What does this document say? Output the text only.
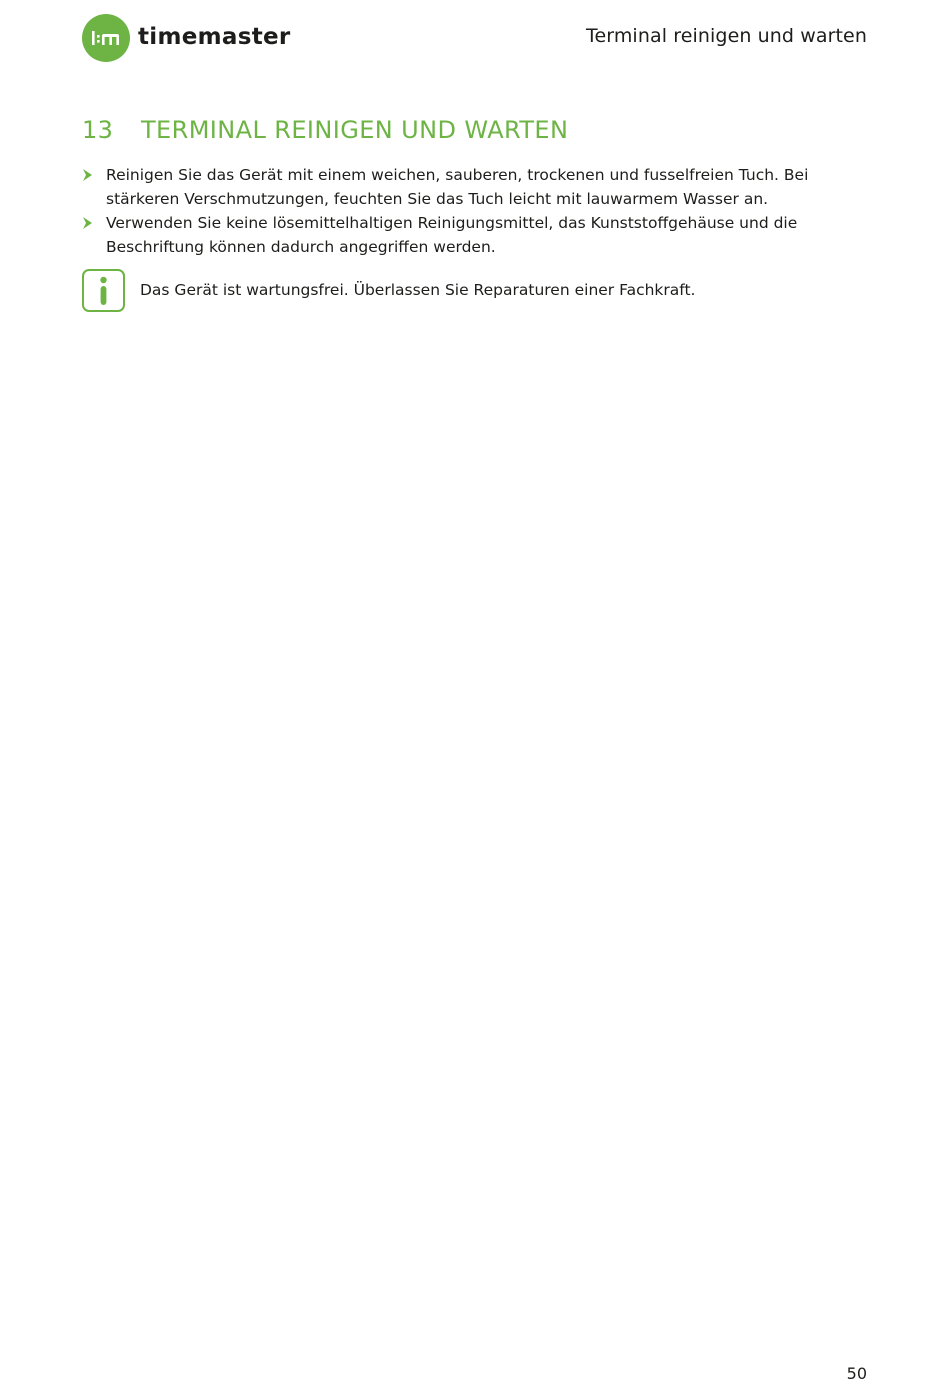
timemaster	Terminal reinigen und warten
13	TERMINAL REINIGEN UND WARTEN
Reinigen Sie das Gerät mit einem weichen, sauberen, trockenen und fusselfreien Tuch. Bei stärkeren Verschmutzungen, feuchten Sie das Tuch leicht mit lauwarmem Wasser an.
Verwenden Sie keine lösemittelhaltigen Reinigungsmittel, das Kunststoffgehäuse und die Beschriftung können dadurch angegriffen werden.
Das Gerät ist wartungsfrei. Überlassen Sie Reparaturen einer Fachkraft.
50
